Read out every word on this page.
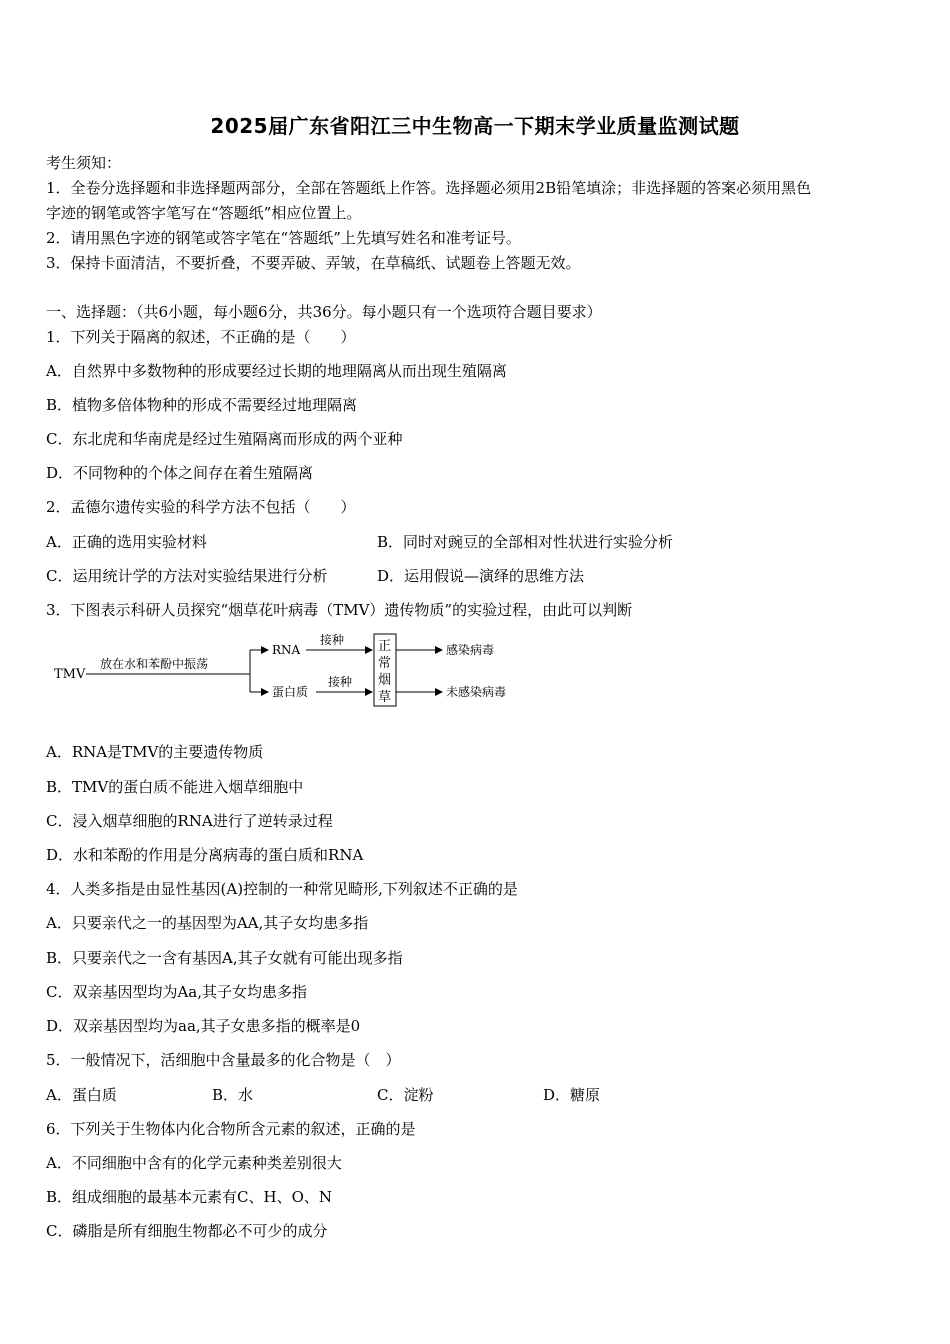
2025届广东省阳江三中生物高一下期末学业质量监测试题
考生须知：
1．全卷分选择题和非选择题两部分，全部在答题纸上作答。选择题必须用2B铅笔填涂；非选择题的答案必须用黑色
字迹的钢笔或答字笔写在“答题纸”相应位置上。
2．请用黑色字迹的钢笔或答字笔在“答题纸”上先填写姓名和准考证号。
3．保持卡面清洁，不要折叠，不要弄破、弄皱，在草稿纸、试题卷上答题无效。
一、选择题：（共6小题，每小题6分，共36分。每小题只有一个选项符合题目要求）
1．下列关于隔离的叙述，不正确的是（　　）
A．自然界中多数物种的形成要经过长期的地理隔离从而出现生殖隔离
B．植物多倍体物种的形成不需要经过地理隔离
C．东北虎和华南虎是经过生殖隔离而形成的两个亚种
D．不同物种的个体之间存在着生殖隔离
2．孟德尔遗传实验的科学方法不包括（　　）
A．正确的选用实验材料	B．同时对豌豆的全部相对性状进行实验分析
C．运用统计学的方法对实验结果进行分析	D．运用假说—演绎的思维方法
3．下图表示科研人员探究“烟草花叶病毒（TMV）遗传物质”的实验过程，由此可以判断
TMV
放在水和苯酚中振荡
RNA
蛋白质
接种
接种
正
常
烟
草
感染病毒
未感染病毒
A．RNA是TMV的主要遗传物质
B．TMV的蛋白质不能进入烟草细胞中
C．浸入烟草细胞的RNA进行了逆转录过程
D．水和苯酚的作用是分离病毒的蛋白质和RNA
4．人类多指是由显性基因(A)控制的一种常见畸形,下列叙述不正确的是
A．只要亲代之一的基因型为AA,其子女均患多指
B．只要亲代之一含有基因A,其子女就有可能出现多指
C．双亲基因型均为Aa,其子女均患多指
D．双亲基因型均为aa,其子女患多指的概率是0
5．一般情况下，活细胞中含量最多的化合物是（　）
A．蛋白质	B．水	C．淀粉	D．糖原
6．下列关于生物体内化合物所含元素的叙述，正确的是
A．不同细胞中含有的化学元素种类差别很大
B．组成细胞的最基本元素有C、H、O、N
C．磷脂是所有细胞生物都必不可少的成分
